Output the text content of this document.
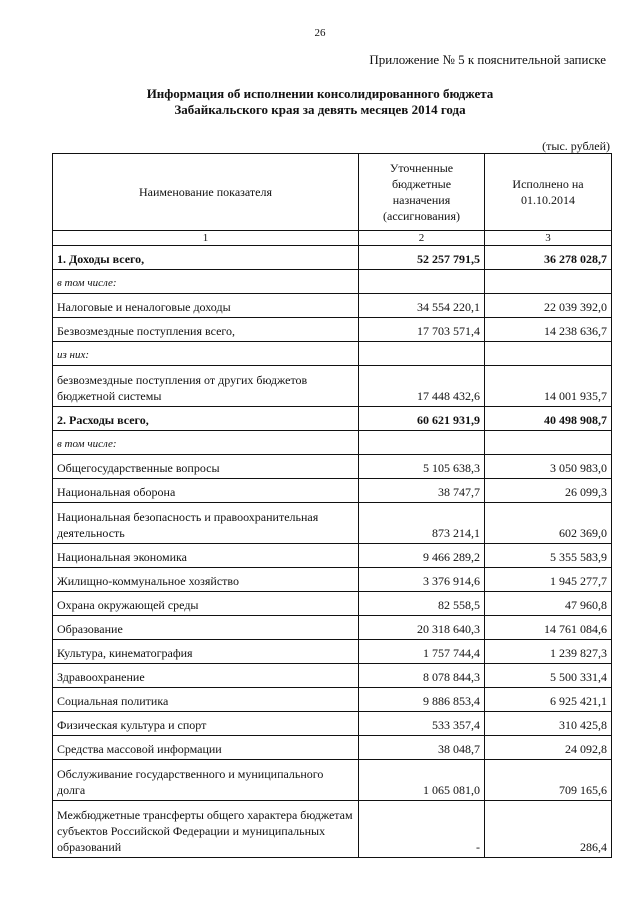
26
Приложение № 5 к пояснительной записке
Информация об исполнении консолидированного бюджета
Забайкальского края за девять месяцев 2014 года
(тыс. рублей)
Наименование показателя	Уточненные бюджетные назначения (ассигнования)	Исполнено на 01.10.2014
1	2	3
1. Доходы всего,	52 257 791,5	36 278 028,7
в том числе:		
Налоговые и неналоговые доходы	34 554 220,1	22 039 392,0
Безвозмездные поступления всего,	17 703 571,4	14 238 636,7
из них:		
безвозмездные поступления от других бюджетов бюджетной системы	17 448 432,6	14 001 935,7
2. Расходы всего,	60 621 931,9	40 498 908,7
в том числе:		
Общегосударственные вопросы	5 105 638,3	3 050 983,0
Национальная оборона	38 747,7	26 099,3
Национальная безопасность и правоохранительная деятельность	873 214,1	602 369,0
Национальная экономика	9 466 289,2	5 355 583,9
Жилищно-коммунальное хозяйство	3 376 914,6	1 945 277,7
Охрана окружающей среды	82 558,5	47 960,8
Образование	20 318 640,3	14 761 084,6
Культура, кинематография	1 757 744,4	1 239 827,3
Здравоохранение	8 078 844,3	5 500 331,4
Социальная политика	9 886 853,4	6 925 421,1
Физическая культура и спорт	533 357,4	310 425,8
Средства массовой информации	38 048,7	24 092,8
Обслуживание государственного и муниципального долга	1 065 081,0	709 165,6
Межбюджетные трансферты общего характера бюджетам субъектов Российской Федерации и муниципальных образований	-	286,4
